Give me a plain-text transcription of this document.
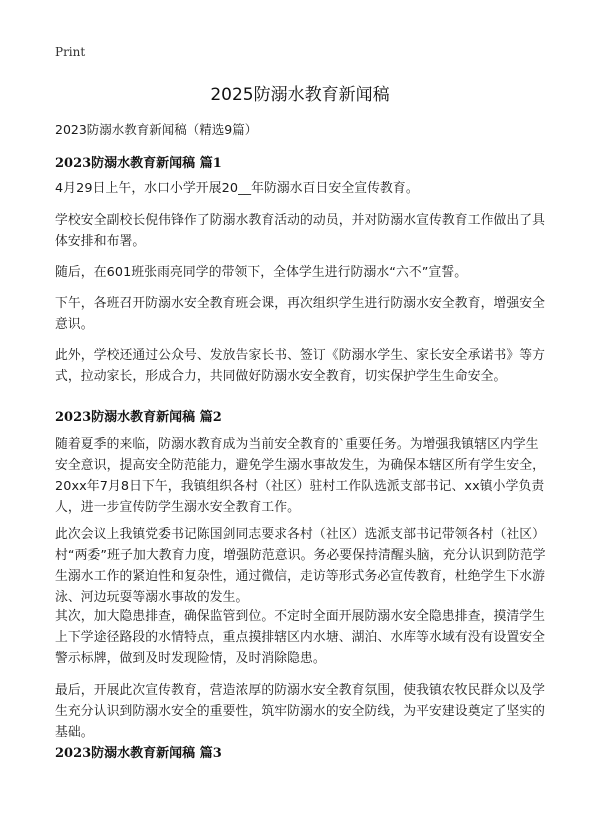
Print
2025防溺水教育新闻稿
2023防溺水教育新闻稿（精选9篇）
2023防溺水教育新闻稿 篇1

4月29日上午，水口小学开展20__年防溺水百日安全宣传教育。

学校安全副校长倪伟锋作了防溺水教育活动的动员，并对防溺水宣传教育工作做出了具体安排和布署。

随后，在601班张雨亮同学的带领下，全体学生进行防溺水“六不”宣誓。

下午，各班召开防溺水安全教育班会课，再次组织学生进行防溺水安全教育，增强安全意识。

此外，学校还通过公众号、发放告家长书、签订《防溺水学生、家长安全承诺书》等方式，拉动家长，形成合力，共同做好防溺水安全教育，切实保护学生生命安全。

2023防溺水教育新闻稿 篇2

随着夏季的来临，防溺水教育成为当前安全教育的`重要任务。为增强我镇辖区内学生安全意识，提高安全防范能力，避免学生溺水事故发生，为确保本辖区所有学生安全，20xx年7月8日下午，我镇组织各村（社区）驻村工作队选派支部书记、xx镇小学负责人，进一步宣传防学生溺水安全教育工作。

此次会议上我镇党委书记陈国剑同志要求各村（社区）选派支部书记带领各村（社区）村“两委”班子加大教育力度，增强防范意识。务必要保持清醒头脑，充分认识到防范学生溺水工作的紧迫性和复杂性，通过微信，走访等形式务必宣传教育，杜绝学生下水游泳、河边玩耍等溺水事故的发生。

其次，加大隐患排查，确保监管到位。不定时全面开展防溺水安全隐患排查，摸清学生上下学途径路段的水情特点，重点摸排辖区内水塘、湖泊、水库等水域有没有设置安全警示标牌，做到及时发现险情，及时消除隐患。

最后，开展此次宣传教育，营造浓厚的防溺水安全教育氛围，使我镇农牧民群众以及学生充分认识到防溺水安全的重要性，筑牢防溺水的安全防线，为平安建设奠定了坚实的基础。

2023防溺水教育新闻稿 篇3
